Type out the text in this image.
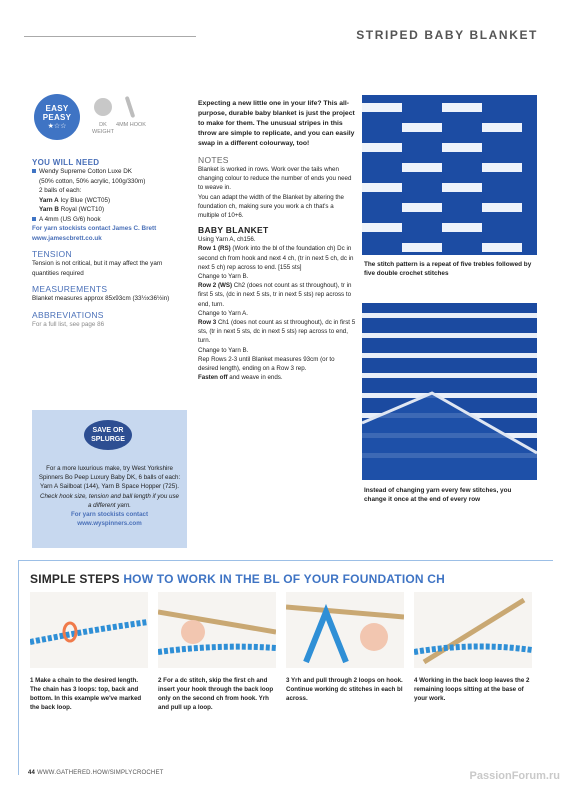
STRIPED BABY BLANKET
EASY
PEASY
★☆☆	DK WEIGHT
4MM HOOK
YOU WILL NEED
Wendy Supreme Cotton Luxe DK
(50% cotton, 50% acrylic, 100g/330m)
2 balls of each:
Yarn A Icy Blue (WCT05)
Yarn B Royal (WCT10)
A 4mm (US G/6) hook
For yarn stockists contact James C. Brett
www.jamescbrett.co.uk
TENSION
Tension is not critical, but it may affect the yarn quantities required
MEASUREMENTS
Blanket measures approx 85x93cm (33½x36½in)
ABBREVIATIONS
For a full list, see page 86
SAVE OR
SPLURGE
For a more luxurious make, try West Yorkshire Spinners Bo Peep Luxury Baby DK, 6 balls of each: Yarn A Sailboat (144), Yarn B Space Hopper (725). Check hook size, tension and ball length if you use a different yarn.
For yarn stockists contact
www.wyspinners.com
Expecting a new little one in your life? This all-purpose, durable baby blanket is just the project to make for them. The unusual stripes in this throw are simple to replicate, and you can easily swap in a different colourway, too!
NOTES
Blanket is worked in rows. Work over the tails when changing colour to reduce the number of ends you need to weave in.
You can adapt the width of the Blanket by altering the foundation ch, making sure you work a ch that's a multiple of 10+6.
BABY BLANKET
Using Yarn A, ch156.
Row 1 (RS) (Work into the bl of the foundation ch) Dc in second ch from hook and next 4 ch, (tr in next 5 ch, dc in next 5 ch) rep across to end. [155 sts]
Change to Yarn B.
Row 2 (WS) Ch2 (does not count as st throughout), tr in first 5 sts, (dc in next 5 sts, tr in next 5 sts) rep across to end, turn.
Change to Yarn A.
Row 3 Ch1 (does not count as st throughout), dc in first 5 sts, (tr in next 5 sts, dc in next 5 sts) rep across to end, turn.
Change to Yarn B.
Rep Rows 2-3 until Blanket measures 93cm (or to desired length), ending on a Row 3 rep.
Fasten off and weave in ends.
The stitch pattern is a repeat of five trebles followed by five double crochet stitches
Instead of changing yarn every few stitches, you change it once at the end of every row
SIMPLE STEPS HOW TO WORK IN THE BL OF YOUR FOUNDATION CH
1 Make a chain to the desired length. The chain has 3 loops: top, back and bottom. In this example we've marked the back loop.
2 For a dc stitch, skip the first ch and insert your hook through the back loop only on the second ch from hook. Yrh and pull up a loop.
3 Yrh and pull through 2 loops on hook. Continue working dc stitches in each bl across.
4 Working in the back loop leaves the 2 remaining loops sitting at the base of your work.
44 WWW.GATHERED.HOW/SIMPLYCROCHET	PassionForum.ru
